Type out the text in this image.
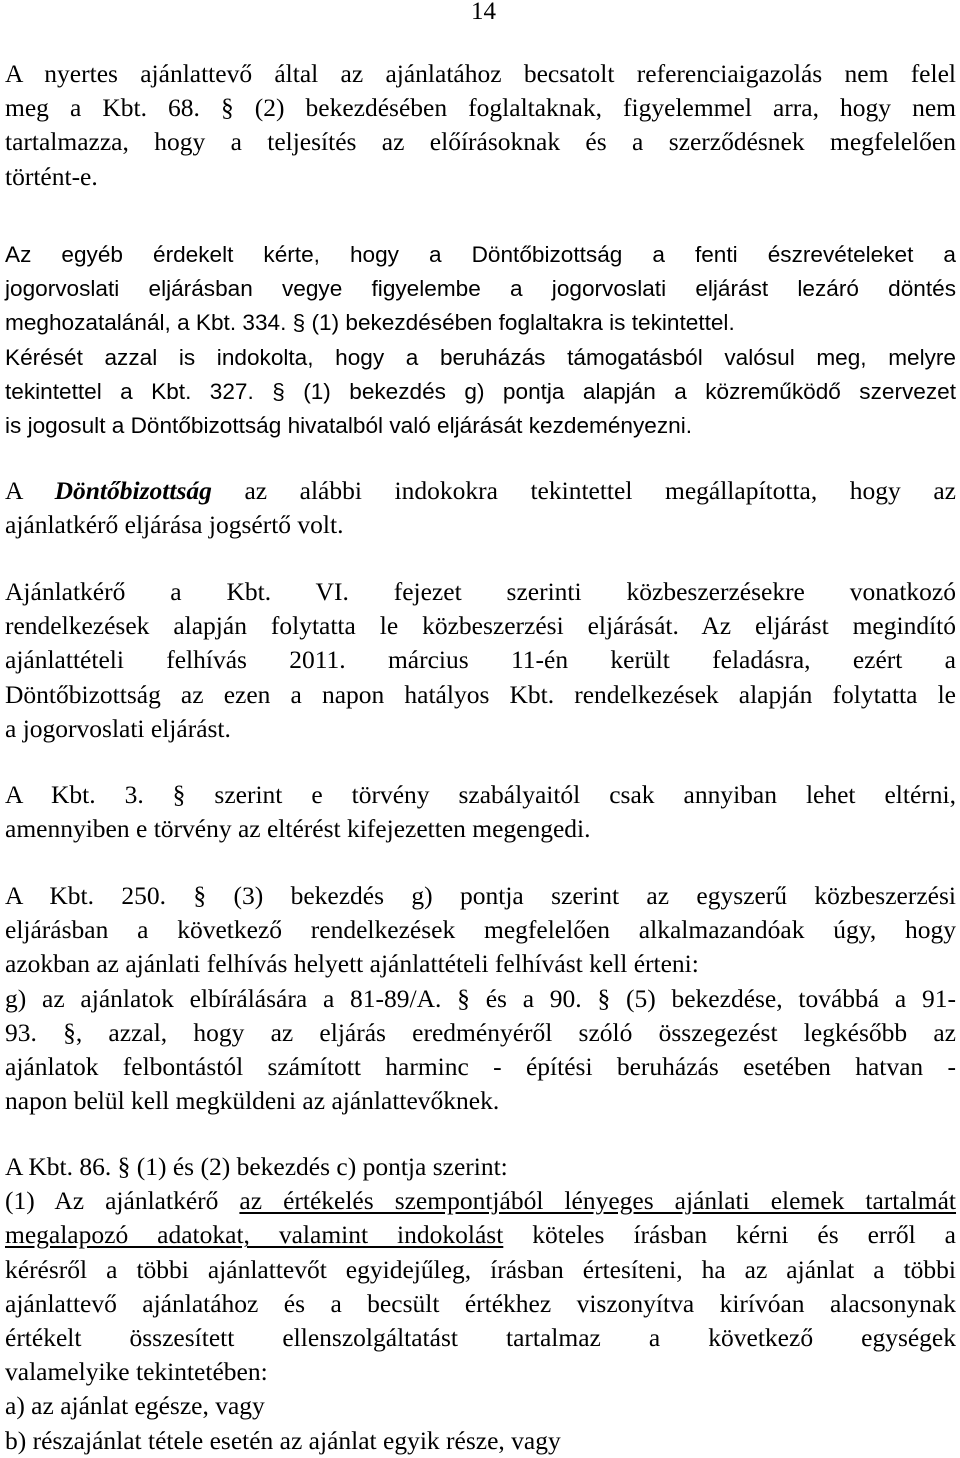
14
A nyertes ajánlattevő által az ajánlatához becsatolt referenciaigazolás nem felel
meg a Kbt. 68. § (2) bekezdésében foglaltaknak, figyelemmel arra, hogy nem
tartalmazza, hogy a teljesítés az előírásoknak és a szerződésnek megfelelően
történt-e.
Az egyéb érdekelt kérte, hogy a Döntőbizottság a fenti észrevételeket a
jogorvoslati eljárásban vegye figyelembe a jogorvoslati eljárást lezáró döntés
meghozatalánál, a Kbt. 334. § (1) bekezdésében foglaltakra is tekintettel.
Kérését azzal is indokolta, hogy a beruházás támogatásból valósul meg, melyre
tekintettel a Kbt. 327. § (1) bekezdés g) pontja alapján a közreműködő szervezet
is jogosult a Döntőbizottság hivatalból való eljárását kezdeményezni.
A Döntőbizottság az alábbi indokokra tekintettel megállapította, hogy az
ajánlatkérő eljárása jogsértő volt.
Ajánlatkérő a Kbt. VI. fejezet szerinti közbeszerzésekre vonatkozó
rendelkezések alapján folytatta le közbeszerzési eljárását. Az eljárást megindító
ajánlattételi felhívás 2011. március 11-én került feladásra, ezért a
Döntőbizottság az ezen a napon hatályos Kbt. rendelkezések alapján folytatta le
a jogorvoslati eljárást.
A Kbt. 3. § szerint e törvény szabályaitól csak annyiban lehet eltérni,
amennyiben e törvény az eltérést kifejezetten megengedi.
A Kbt. 250. § (3) bekezdés g) pontja szerint az egyszerű közbeszerzési
eljárásban a következő rendelkezések megfelelően alkalmazandóak úgy, hogy
azokban az ajánlati felhívás helyett ajánlattételi felhívást kell érteni:
g) az ajánlatok elbírálására a 81-89/A. § és a 90. § (5) bekezdése, továbbá a 91-
93. §, azzal, hogy az eljárás eredményéről szóló összegezést legkésőbb az
ajánlatok felbontástól számított harminc - építési beruházás esetében hatvan -
napon belül kell megküldeni az ajánlattevőknek.
A Kbt. 86. § (1) és (2) bekezdés c) pontja szerint:
(1) Az ajánlatkérő az értékelés szempontjából lényeges ajánlati elemek tartalmát
megalapozó adatokat, valamint indokolást köteles írásban kérni és erről a
kérésről a többi ajánlattevőt egyidejűleg, írásban értesíteni, ha az ajánlat a többi
ajánlattevő ajánlatához és a becsült értékhez viszonyítva kirívóan alacsonynak
értékelt összesített ellenszolgáltatást tartalmaz a következő egységek
valamelyike tekintetében:
a) az ajánlat egésze, vagy
b) részajánlat tétele esetén az ajánlat egyik része, vagy
